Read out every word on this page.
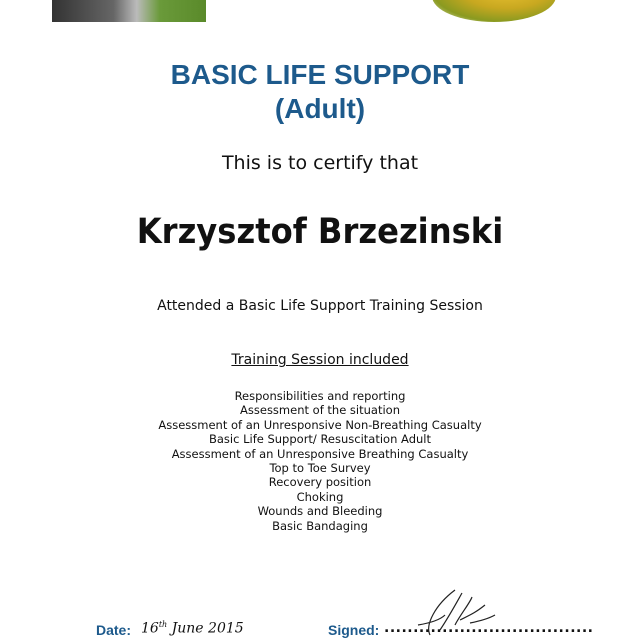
BASIC LIFE SUPPORT
(Adult)
This is to certify that
Krzysztof Brzezinski
Attended a Basic Life Support Training Session
Training Session included
Responsibilities and reporting
Assessment of the situation
Assessment of an Unresponsive Non-Breathing Casualty
Basic Life Support/ Resuscitation Adult
Assessment of an Unresponsive Breathing Casualty
Top to Toe Survey
Recovery position
Choking
Wounds and Bleeding
Basic Bandaging
Date: 16th June 2015	Signed: ....................................
